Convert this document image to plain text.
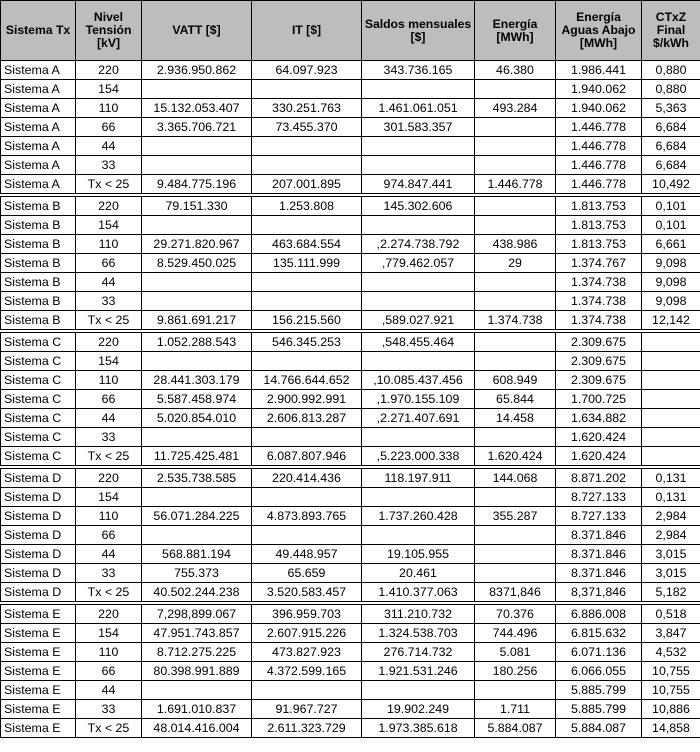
Sistema Tx	Nivel Tensión [kV]	VATT [$]	IT [$]	Saldos mensuales [$]	Energía [MWh]	Energía Aguas Abajo [MWh]	CTxZ Final $/kWh
Sistema A	220	2.936.950.862	64.097.923	343.736.165	46.380	1.986.441	0,880
Sistema A	154					1.940.062	0,880
Sistema A	110	15.132.053.407	330.251.763	1.461.061.051	493.284	1.940.062	5,363
Sistema A	66	3.365.706.721	73.455.370	301.583.357		1.446.778	6,684
Sistema A	44					1.446.778	6,684
Sistema A	33					1.446.778	6,684
Sistema A	Tx < 25	9.484.775.196	207.001.895	974.847.441	1.446.778	1.446.778	10,492
Sistema B	220	79.151.330	1.253.808	145.302.606		1.813.753	0,101
Sistema B	154					1.813.753	0,101
Sistema B	110	29.271.820.967	463.684.554	,2.274.738.792	438.986	1.813.753	6,661
Sistema B	66	8.529.450.025	135.111.999	,779.462.057	29	1.374.767	9,098
Sistema B	44					1.374.738	9,098
Sistema B	33					1.374.738	9,098
Sistema B	Tx < 25	9.861.691.217	156.215.560	,589.027.921	1.374.738	1.374.738	12,142
Sistema C	220	1.052.288.543	546.345.253	,548.455.464		2.309.675	
Sistema C	154					2.309.675	
Sistema C	110	28.441.303.179	14.766.644.652	,10.085.437.456	608.949	2.309.675	
Sistema C	66	5.587.458.974	2.900.992.991	,1.970.155.109	65.844	1.700.725	
Sistema C	44	5.020.854.010	2.606.813.287	,2.271.407.691	14.458	1.634.882	
Sistema C	33					1.620.424	
Sistema C	Tx < 25	11.725.425.481	6.087.807.946	,5.223.000.338	1.620.424	1.620.424	
Sistema D	220	2.535.738.585	220.414.436	118.197.911	144.068	8.871.202	0,131
Sistema D	154					8.727.133	0,131
Sistema D	110	56.071.284.225	4.873.893.765	1.737.260.428	355.287	8.727.133	2,984
Sistema D	66					8.371.846	2,984
Sistema D	44	568.881.194	49.448.957	19.105.955		8.371.846	3,015
Sistema D	33	755.373	65.659	20.461		8.371.846	3,015
Sistema D	Tx < 25	40.502.244.238	3.520.583.457	1.410.377.063	8371,846	8,371,846	5,182
Sistema E	220	7,298,899.067	396.959.703	311.210.732	70.376	6.886.008	0,518
Sistema E	154	47.951.743.857	2.607.915.226	1.324.538.703	744.496	6.815.632	3,847
Sistema E	110	8.712.275.225	473.827.923	276.714.732	5.081	6.071.136	4,532
Sistema E	66	80.398.991.889	4.372.599.165	1.921.531.246	180.256	6.066.055	10,755
Sistema E	44					5.885.799	10,755
Sistema E	33	1.691.010.837	91.967.727	19.902.249	1.711	5.885.799	10,886
Sistema E	Tx < 25	48.014.416.004	2.611.323.729	1.973.385.618	5.884.087	5.884.087	14,858
